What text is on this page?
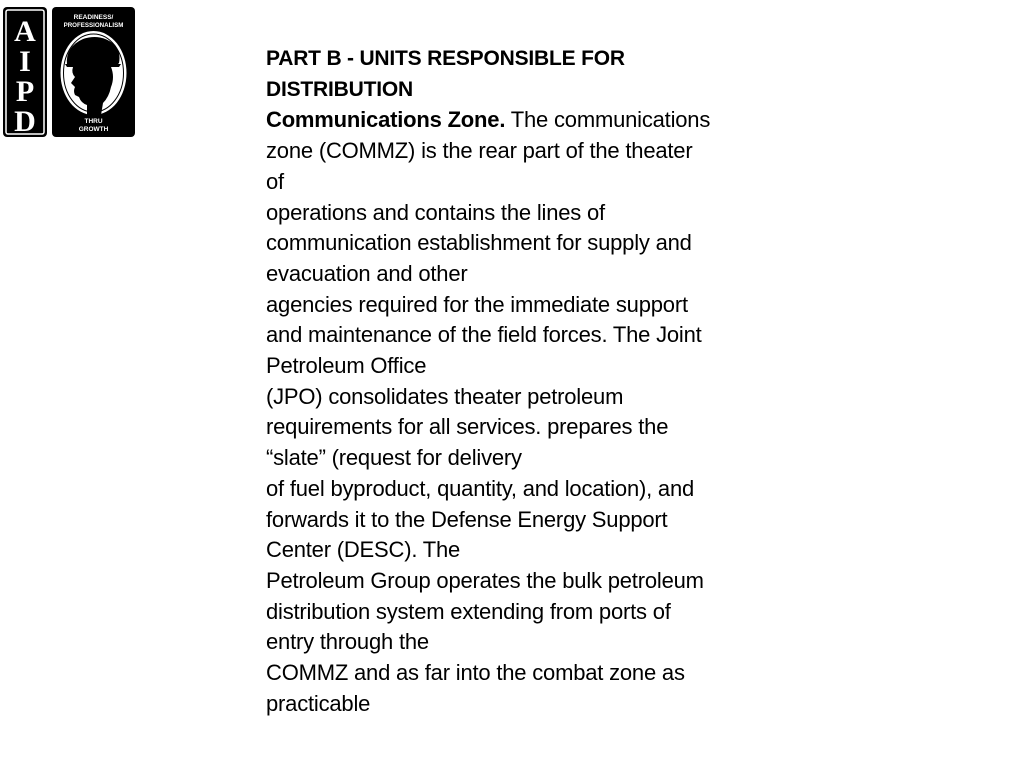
A
I
P
D
READINESS/
PROFESSIONALISM
THRU
GROWTH
PART B - UNITS RESPONSIBLE FOR
DISTRIBUTION
Communications Zone. The communications
zone (COMMZ) is the rear part of the theater
of
operations and contains the lines of
communication establishment for supply and
evacuation and other
agencies required for the immediate support
and maintenance of the field forces. The Joint
Petroleum Office
(JPO) consolidates theater petroleum
requirements for all services. prepares the
“slate” (request for delivery
of fuel byproduct, quantity, and location), and
forwards it to the Defense Energy Support
Center (DESC). The
Petroleum Group operates the bulk petroleum
distribution system extending from ports of
entry through the
COMMZ and as far into the combat zone as
practicable
